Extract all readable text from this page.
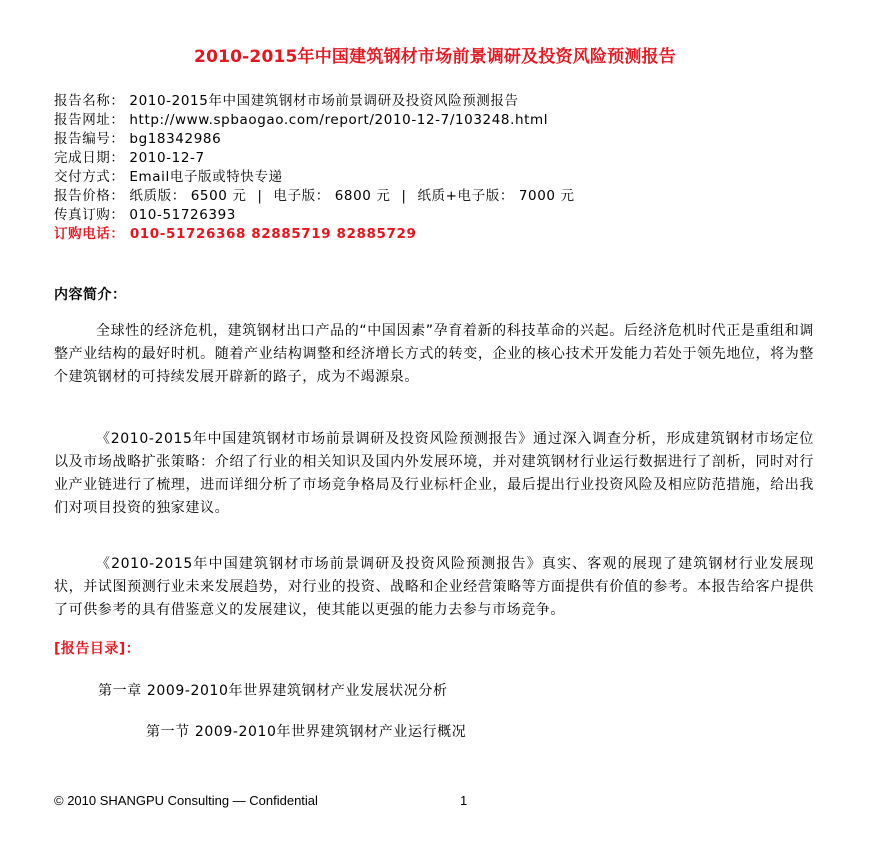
2010-2015年中国建筑钢材市场前景调研及投资风险预测报告
报告名称： 2010-2015年中国建筑钢材市场前景调研及投资风险预测报告
报告网址： http://www.spbaogao.com/report/2010-12-7/103248.html
报告编号： bg18342986
完成日期： 2010-12-7
交付方式： Email电子版或特快专递
报告价格： 纸质版： 6500 元 | 电子版： 6800 元 | 纸质+电子版： 7000 元
传真订购： 010-51726393
订购电话： 010-51726368 82885719 82885729
内容简介：
全球性的经济危机，建筑钢材出口产品的“中国因素”孕育着新的科技革命的兴起。后经济危机时代正是重组和调整产业结构的最好时机。随着产业结构调整和经济增长方式的转变，企业的核心技术开发能力若处于领先地位，将为整个建筑钢材的可持续发展开辟新的路子，成为不竭源泉。
《2010-2015年中国建筑钢材市场前景调研及投资风险预测报告》通过深入调查分析，形成建筑钢材市场定位以及市场战略扩张策略：介绍了行业的相关知识及国内外发展环境，并对建筑钢材行业运行数据进行了剖析，同时对行业产业链进行了梳理，进而详细分析了市场竞争格局及行业标杆企业，最后提出行业投资风险及相应防范措施，给出我们对项目投资的独家建议。
《2010-2015年中国建筑钢材市场前景调研及投资风险预测报告》真实、客观的展现了建筑钢材行业发展现状，并试图预测行业未来发展趋势，对行业的投资、战略和企业经营策略等方面提供有价值的参考。本报告给客户提供了可供参考的具有借鉴意义的发展建议，使其能以更强的能力去参与市场竞争。
[报告目录]：
第一章 2009-2010年世界建筑钢材产业发展状况分析
第一节 2009-2010年世界建筑钢材产业运行概况
© 2010 SHANGPU Consulting — Confidential	1
